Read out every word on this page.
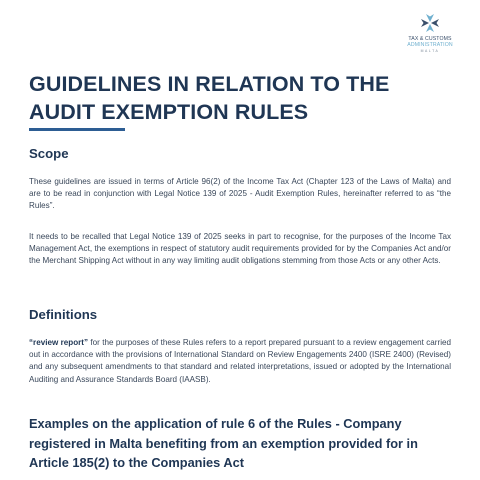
TAX & CUSTOMS
ADMINISTRATION
MALTA
GUIDELINES IN RELATION TO THE AUDIT EXEMPTION RULES
Scope

These guidelines are issued in terms of Article 96(2) of the Income Tax Act (Chapter 123 of the Laws of Malta) and are to be read in conjunction with Legal Notice 139 of 2025 - Audit Exemption Rules, hereinafter referred to as “the Rules”.

It needs to be recalled that Legal Notice 139 of 2025 seeks in part to recognise, for the purposes of the Income Tax Management Act, the exemptions in respect of statutory audit requirements provided for by the Companies Act and/or the Merchant Shipping Act without in any way limiting audit obligations stemming from those Acts or any other Acts.

Definitions

“review report” for the purposes of these Rules refers to a report prepared pursuant to a review engagement carried out in accordance with the provisions of International Standard on Review Engagements 2400 (ISRE 2400) (Revised) and any subsequent amendments to that standard and related interpretations, issued or adopted by the International Auditing and Assurance Standards Board (IAASB).

Examples on the application of rule 6 of the Rules - Company registered in Malta benefiting from an exemption provided for in Article 185(2) to the Companies Act
